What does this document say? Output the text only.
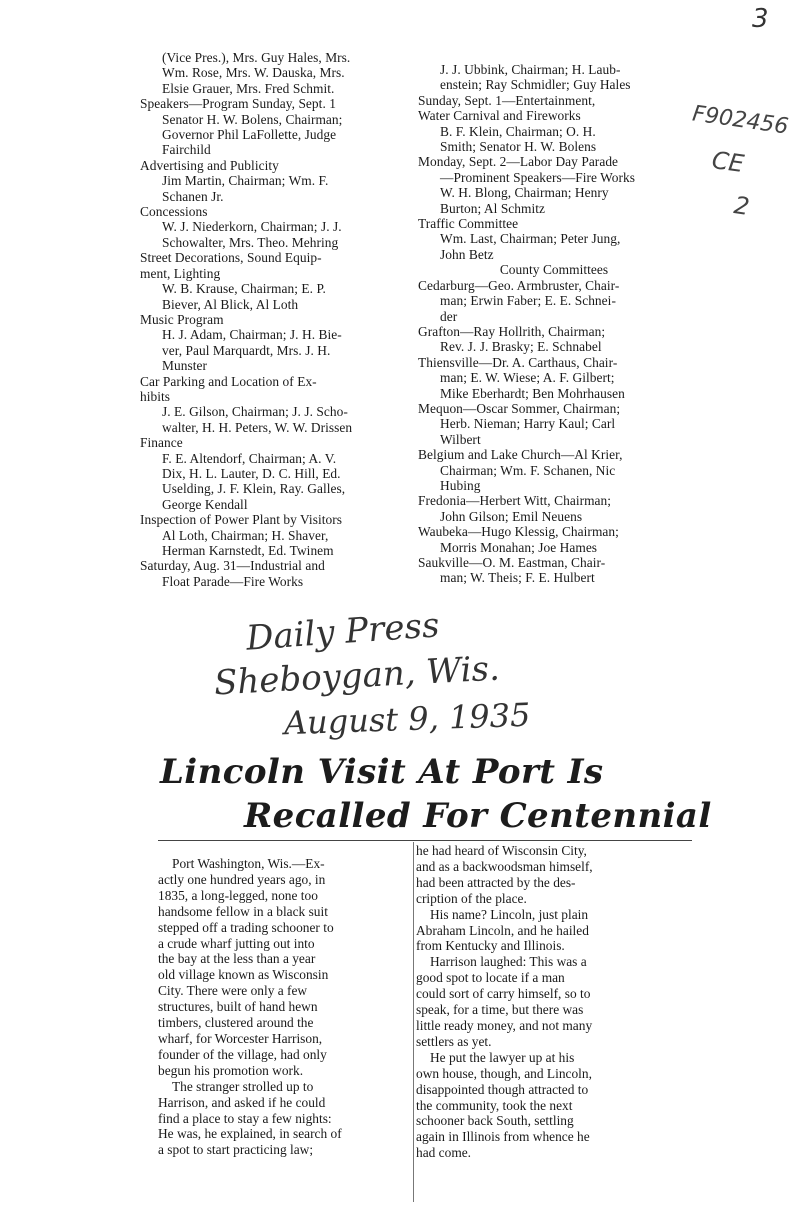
3
F902456
CE
2
(Vice Pres.), Mrs. Guy Hales, Mrs.
Wm. Rose, Mrs. W. Dauska, Mrs.
Elsie Grauer, Mrs. Fred Schmit.
Speakers—Program Sunday, Sept. 1
Senator H. W. Bolens, Chairman;
Governor Phil LaFollette, Judge
Fairchild
Advertising and Publicity
Jim Martin, Chairman; Wm. F.
Schanen Jr.
Concessions
W. J. Niederkorn, Chairman; J. J.
Schowalter, Mrs. Theo. Mehring
Street Decorations, Sound Equip-
ment, Lighting
W. B. Krause, Chairman; E. P.
Biever, Al Blick, Al Loth
Music Program
H. J. Adam, Chairman; J. H. Bie-
ver, Paul Marquardt, Mrs. J. H.
Munster
Car Parking and Location of Ex-
hibits
J. E. Gilson, Chairman; J. J. Scho-
walter, H. H. Peters, W. W. Drissen
Finance
F. E. Altendorf, Chairman; A. V.
Dix, H. L. Lauter, D. C. Hill, Ed.
Uselding, J. F. Klein, Ray. Galles,
George Kendall
Inspection of Power Plant by Visitors
Al Loth, Chairman; H. Shaver,
Herman Karnstedt, Ed. Twinem
Saturday, Aug. 31—Industrial and
Float Parade—Fire Works
J. J. Ubbink, Chairman; H. Laub-
enstein; Ray Schmidler; Guy Hales
Sunday, Sept. 1—Entertainment,
Water Carnival and Fireworks
B. F. Klein, Chairman; O. H.
Smith; Senator H. W. Bolens
Monday, Sept. 2—Labor Day Parade
—Prominent Speakers—Fire Works
W. H. Blong, Chairman; Henry
Burton; Al Schmitz
Traffic Committee
Wm. Last, Chairman; Peter Jung,
John Betz
County Committees
Cedarburg—Geo. Armbruster, Chair-
man; Erwin Faber; E. E. Schnei-
der
Grafton—Ray Hollrith, Chairman;
Rev. J. J. Brasky; E. Schnabel
Thiensville—Dr. A. Carthaus, Chair-
man; E. W. Wiese; A. F. Gilbert;
Mike Eberhardt; Ben Mohrhausen
Mequon—Oscar Sommer, Chairman;
Herb. Nieman; Harry Kaul; Carl
Wilbert
Belgium and Lake Church—Al Krier,
Chairman; Wm. F. Schanen, Nic
Hubing
Fredonia—Herbert Witt, Chairman;
John Gilson; Emil Neuens
Waubeka—Hugo Klessig, Chairman;
Morris Monahan; Joe Hames
Saukville—O. M. Eastman, Chair-
man; W. Theis; F. E. Hulbert
Daily Press
Sheboygan, Wis.
August 9, 1935
Lincoln Visit At Port Is
Recalled For Centennial
Port Washington, Wis.—Ex-
actly one hundred years ago, in
1835, a long-legged, none too
handsome fellow in a black suit
stepped off a trading schooner to
a crude wharf jutting out into
the bay at the less than a year
old village known as Wisconsin
City. There were only a few
structures, built of hand hewn
timbers, clustered around the
wharf, for Worcester Harrison,
founder of the village, had only
begun his promotion work.
The stranger strolled up to
Harrison, and asked if he could
find a place to stay a few nights:
He was, he explained, in search of
a spot to start practicing law;
he had heard of Wisconsin City,
and as a backwoodsman himself,
had been attracted by the des-
cription of the place.
His name? Lincoln, just plain
Abraham Lincoln, and he hailed
from Kentucky and Illinois.
Harrison laughed: This was a
good spot to locate if a man
could sort of carry himself, so to
speak, for a time, but there was
little ready money, and not many
settlers as yet.
He put the lawyer up at his
own house, though, and Lincoln,
disappointed though attracted to
the community, took the next
schooner back South, settling
again in Illinois from whence he
had come.
